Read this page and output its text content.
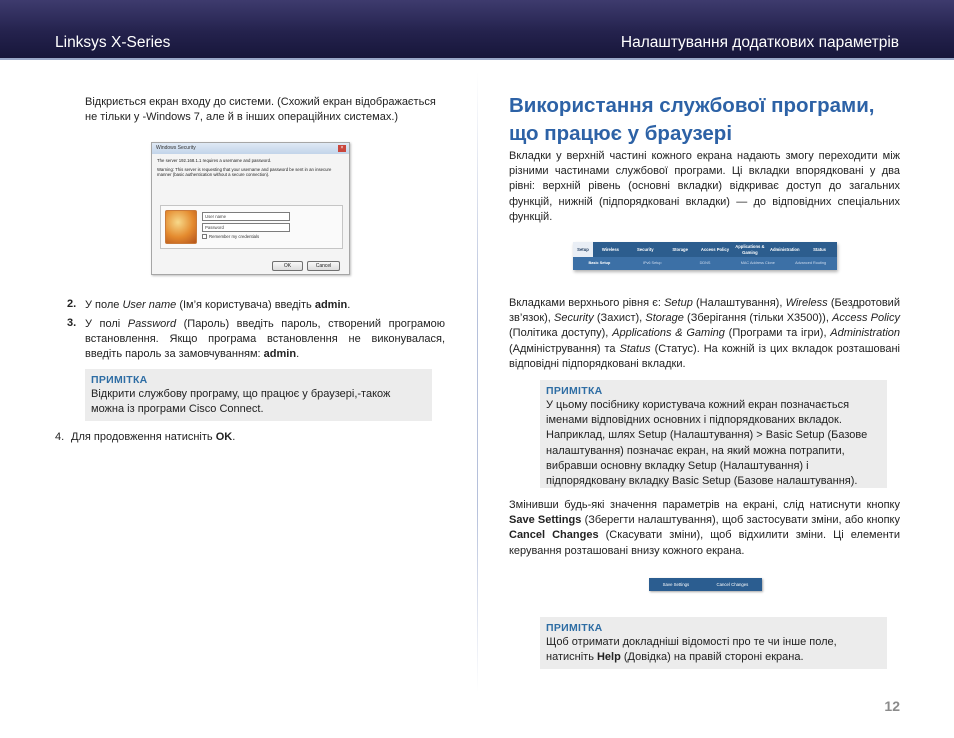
Linksys X-Series	Налаштування додаткових параметрів
Відкриється екран входу до системи. (Схожий екран відображається не тільки у -Windows 7, але й в інших операційних системах.)
Windows Security	×
The server 192.168.1.1 requires a username and password.
Warning: This server is requesting that your username and password be sent in an insecure manner (basic authentication without a secure connection).
User name
Password
Remember my credentials
OK	Cancel
2. У поле User name (Ім’я користувача) введіть admin.
3. У полі Password (Пароль) введіть пароль, створений програмою встановлення. Якщо програма встановлення не виконувалася, введіть пароль за замовчуванням: admin.
ПРИМІТКА
Відкрити службову програму, що працює у браузері,-також можна із програми Cisco Connect.
4. Для продовження натисніть OK.
Використання службової програми, що працює у браузері
Вкладки у верхній частині кожного екрана надають змогу переходити між різними частинами службової програми. Ці вкладки впорядковані у два рівні: верхній рівень (основні вкладки) відкриває доступ до загальних функцій, нижній (підпорядковані вкладки) — до відповідних спеціальних функцій.
Setup	Wireless	Security	Storage	Access Policy
Applications & Gaming
Administration	Status
Basic Setup	IPv6 Setup	DDNS	MAC Address Clone	Advanced Routing
Вкладками верхнього рівня є: Setup (Налаштування), Wireless (Бездротовий зв’язок), Security (Захист), Storage (Зберігання (тільки X3500)), Access Policy (Політика доступу), Applications & Gaming (Програми та ігри), Administration (Адміністрування) та Status (Статус). На кожній із цих вкладок розташовані відповідні підпорядковані вкладки.
ПРИМІТКА
У цьому посібнику користувача кожний екран позначається іменами відповідних основних і підпорядкованих вкладок. Наприклад, шлях Setup (Налаштування) > Basic Setup (Базове налаштування) позначає екран, на який можна потрапити, вибравши основну вкладку Setup (Налаштування) і підпорядковану вкладку Basic Setup (Базове налаштування).
Змінивши будь-які значення параметрів на екрані, слід натиснути кнопку Save Settings (Зберегти налаштування), щоб застосувати зміни, або кнопку Cancel Changes (Скасувати зміни), щоб відхилити зміни. Ці елементи керування розташовані внизу кожного екрана.
Save Settings	Cancel Changes
ПРИМІТКА
Щоб отримати докладніші відомості про те чи інше поле, натисніть Help (Довідка) на правій стороні екрана.
12
